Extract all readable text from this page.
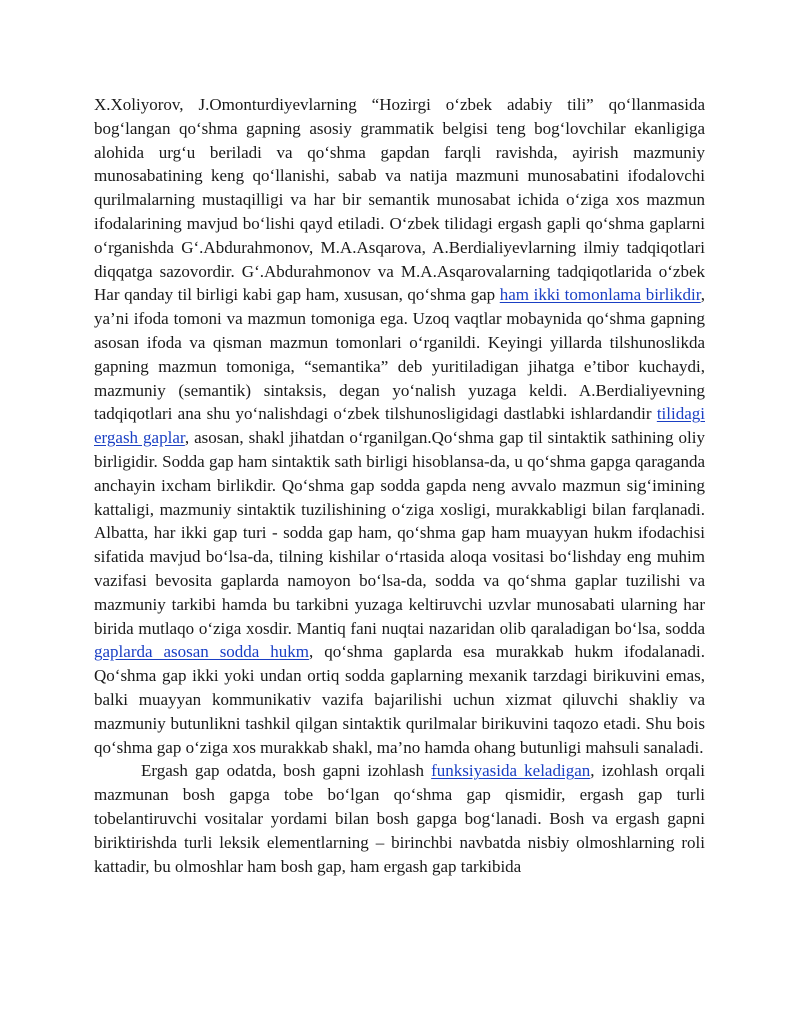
X.Xoliyorov, J.Omonturdiyevlarning “Hozirgi o‘zbek adabiy tili” qo‘llanmasida bog‘langan qo‘shma gapning asosiy grammatik belgisi teng bog‘lovchilar ekanligiga alohida urg‘u beriladi va qo‘shma gapdan farqli ravishda, ayirish mazmuniy munosabatining keng qo‘llanishi, sabab va natija mazmuni munosabatini ifodalovchi qurilmalarning mustaqilligi va har bir semantik munosabat ichida o‘ziga xos mazmun ifodalarining mavjud bo‘lishi qayd etiladi. O‘zbek tilidagi ergash gapli qo‘shma gaplarni o‘rganishda G‘.Abdurahmonov, M.A.Asqarova, A.Berdialiyevlarning ilmiy tadqiqotlari diqqatga sazovordir. G‘.Abdurahmonov va M.A.Asqarovalarning tadqiqotlarida o‘zbek Har qanday til birligi kabi gap ham, xususan, qo‘shma gap ham ikki tomonlama birlikdir, ya’ni ifoda tomoni va mazmun tomoniga ega. Uzoq vaqtlar mobaynida qo‘shma gapning asosan ifoda va qisman mazmun tomonlari o‘rganildi. Keyingi yillarda tilshunoslikda gapning mazmun tomoniga, “semantika” deb yuritiladigan jihatga e’tibor kuchaydi, mazmuniy (semantik) sintaksis, degan yo‘nalish yuzaga keldi. A.Berdialiyevning tadqiqotlari ana shu yo‘nalishdagi o‘zbek tilshunosligidagi dastlabki ishlardandir tilidagi ergash gaplar, asosan, shakl jihatdan o‘rganilgan.Qo‘shma gap til sintaktik sathining oliy birligidir. Sodda gap ham sintaktik sath birligi hisoblansa-da, u qo‘shma gapga qaraganda anchayin ixcham birlikdir. Qo‘shma gap sodda gapda neng avvalo mazmun sig‘imining kattaligi, mazmuniy sintaktik tuzilishining o‘ziga xosligi, murakkabligi bilan farqlanadi. Albatta, har ikki gap turi - sodda gap ham, qo‘shma gap ham muayyan hukm ifodachisi sifatida mavjud bo‘lsa-da, tilning kishilar o‘rtasida aloqa vositasi bo‘lishday eng muhim vazifasi bevosita gaplarda namoyon bo‘lsa-da, sodda va qo‘shma gaplar tuzilishi va mazmuniy tarkibi hamda bu tarkibni yuzaga keltiruvchi uzvlar munosabati ularning har birida mutlaqo o‘ziga xosdir. Mantiq fani nuqtai nazaridan olib qaraladigan bo‘lsa, sodda gaplarda asosan sodda hukm, qo‘shma gaplarda esa murakkab hukm ifodalanadi. Qo‘shma gap ikki yoki undan ortiq sodda gaplarning mexanik tarzdagi birikuvini emas, balki muayyan kommunikativ vazifa bajarilishi uchun xizmat qiluvchi shakliy va mazmuniy butunlikni tashkil qilgan sintaktik qurilmalar birikuvini taqozo etadi. Shu bois qo‘shma gap o‘ziga xos murakkab shakl, ma’no hamda ohang butunligi mahsuli sanaladi.

Ergash gap odatda, bosh gapni izohlash funksiyasida keladigan, izohlash orqali mazmunan bosh gapga tobe bo‘lgan qo‘shma gap qismidir, ergash gap turli tobelantiruvchi vositalar yordami bilan bosh gapga bog‘lanadi. Bosh va ergash gapni biriktirishda turli leksik elementlarning – birinchbi navbatda nisbiy olmoshlarning roli kattadir, bu olmoshlar ham bosh gap, ham ergash gap tarkibida
